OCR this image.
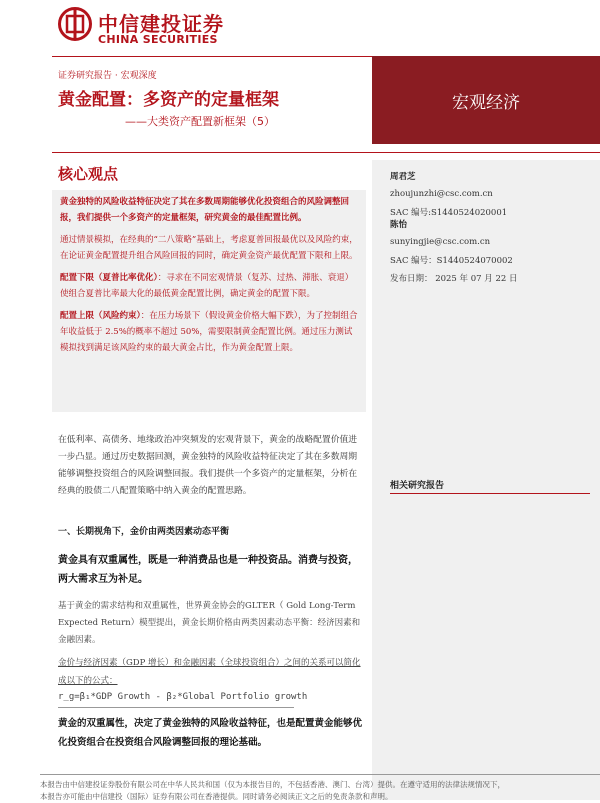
中信建投证券
CHINA SECURITIES
证券研究报告 · 宏观深度
黄金配置：多资产的定量框架
——大类资产配置新框架（5）
宏观经济
核心观点

黄金独特的风险收益特征决定了其在多数周期能够优化投资组合的风险调整回报，我们提供一个多资产的定量框架，研究黄金的最佳配置比例。

通过情景模拟，在经典的“二八策略”基础上，考虑夏普回报最优以及风险约束，在论证黄金配置提升组合风险回报的同时，确定黄金资产最优配置下限和上限。

配置下限（夏普比率优化）：寻求在不同宏观情景（复苏、过热、滞胀、衰退）使组合夏普比率最大化的最低黄金配置比例，确定黄金的配置下限。

配置上限（风险约束）：在压力场景下（假设黄金价格大幅下跌），为了控制组合年收益低于 2.5%的概率不超过 50%，需要限制黄金配置比例。通过压力测试模拟找到满足该风险约束的最大黄金占比，作为黄金配置上限。

周君芝
zhoujunzhi@csc.com.cn
SAC 编号:S1440524020001
陈怡
sunyingjie@csc.com.cn
SAC 编号：S1440524070002
发布日期： 2025 年 07 月 22 日
相关研究报告

在低利率、高债务、地缘政治冲突频发的宏观背景下，黄金的战略配置价值进一步凸显。通过历史数据回测，黄金独特的风险收益特征决定了其在多数周期能够调整投资组合的风险调整回报。我们提供一个多资产的定量框架，分析在经典的股债二八配置策略中纳入黄金的配置思路。

一、长期视角下，金价由两类因素动态平衡
黄金具有双重属性，既是一种消费品也是一种投资品。消费与投资，两大需求互为补足。
基于黄金的需求结构和双重属性，世界黄金协会的GLTER（ Gold Long-Term Expected Return）模型提出，黄金长期价格由两类因素动态平衡：经济因素和金融因素。
金价与经济因素（GDP 增长）和金融因素（全球投资组合）之间的关系可以简化成以下的公式：
r_g=β₁*GDP Growth - β₂*Global Portfolio growth
黄金的双重属性，决定了黄金独特的风险收益特征，也是配置黄金能够优化投资组合在投资组合风险调整回报的理论基础。
本报告由中信建投证券股份有限公司在中华人民共和国（仅为本报告目的，不包括香港、澳门、台湾）提供。在遵守适用的法律法规情况下，
本报告亦可能由中信建投（国际）证券有限公司在香港提供。同时请务必阅读正文之后的免责条款和声明。
